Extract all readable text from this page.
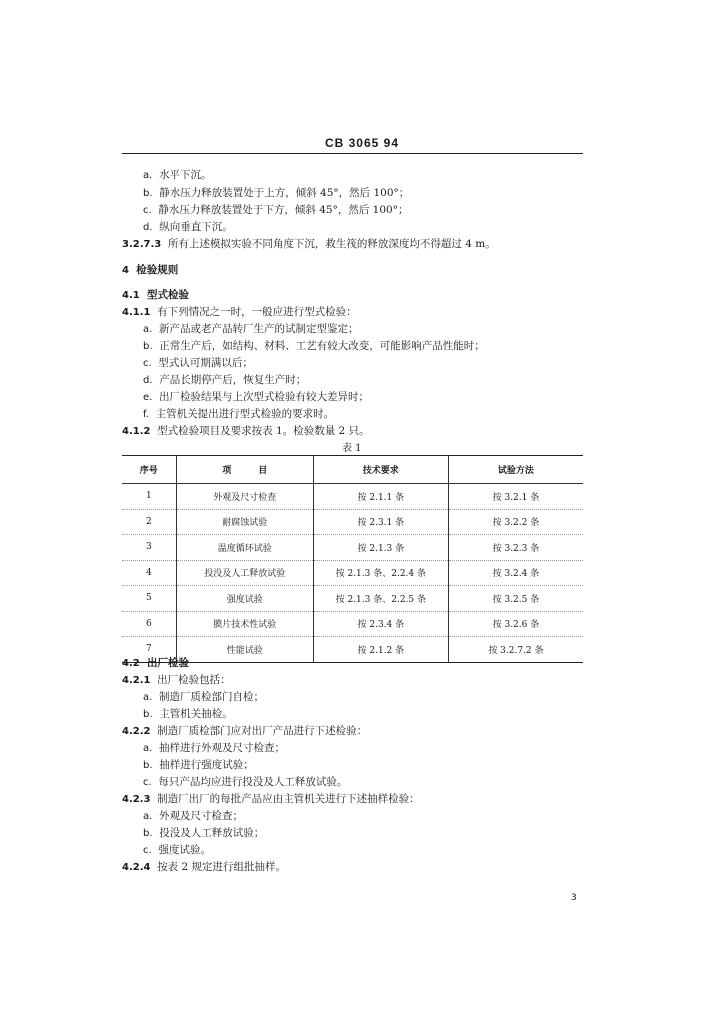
CB 3065 94
a. 水平下沉。
b. 静水压力释放装置处于上方，倾斜 45°，然后 100°；
c. 静水压力释放装置处于下方，倾斜 45°，然后 100°；
d. 纵向垂直下沉。
3.2.7.3 所有上述模拟实验不同角度下沉，救生筏的释放深度均不得超过 4 m。
4 检验规则
4.1 型式检验
4.1.1 有下列情况之一时，一般应进行型式检验：
a. 新产品或老产品转厂生产的试制定型鉴定；
b. 正常生产后，如结构、材料、工艺有较大改变，可能影响产品性能时；
c. 型式认可期满以后；
d. 产品长期停产后，恢复生产时；
e. 出厂检验结果与上次型式检验有较大差异时；
f. 主管机关提出进行型式检验的要求时。
4.1.2 型式检验项目及要求按表 1。检验数量 2 只。
表 1
序号	项　　　目	技术要求	试验方法
1	外观及尺寸检查	按 2.1.1 条	按 3.2.1 条
2	耐腐蚀试验	按 2.3.1 条	按 3.2.2 条
3	温度循环试验	按 2.1.3 条	按 3.2.3 条
4	投没及人工释放试验	按 2.1.3 条、2.2.4 条	按 3.2.4 条
5	强度试验	按 2.1.3 条、2.2.5 条	按 3.2.5 条
6	膜片技术性试验	按 2.3.4 条	按 3.2.6 条
7	性能试验	按 2.1.2 条	按 3.2.7.2 条
4.2 出厂检验
4.2.1 出厂检验包括：
a. 制造厂质检部门自检；
b. 主管机关抽检。
4.2.2 制造厂质检部门应对出厂产品进行下述检验：
a. 抽样进行外观及尺寸检查；
b. 抽样进行强度试验；
c. 每只产品均应进行投没及人工释放试验。
4.2.3 制造厂出厂的每批产品应由主管机关进行下述抽样检验：
a. 外观及尺寸检查；
b. 投没及人工释放试验；
c. 强度试验。
4.2.4 按表 2 规定进行组批抽样。
3
